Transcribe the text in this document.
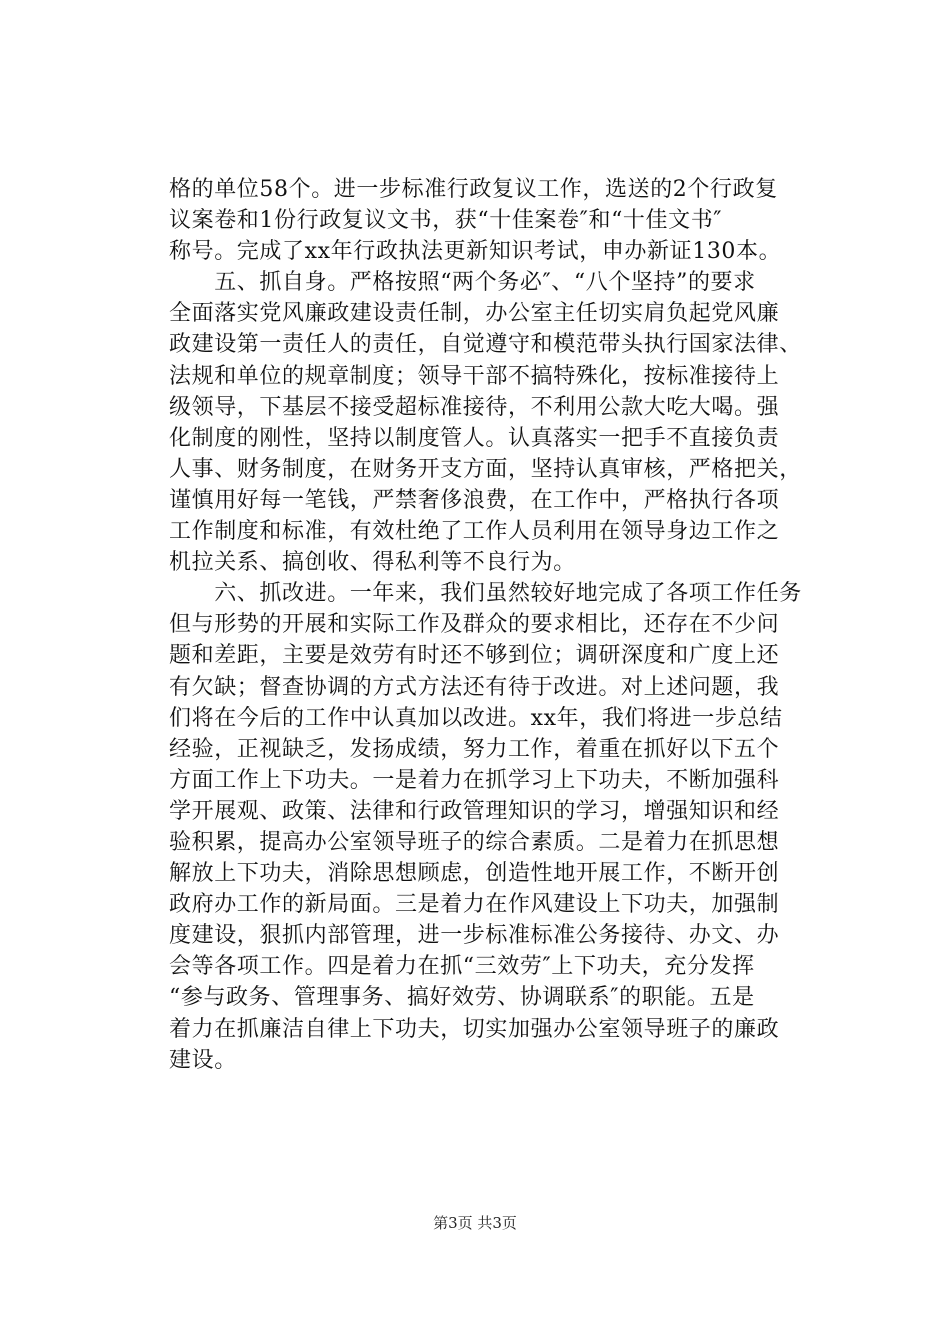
格的单位58个。进一步标准行政复议工作，选送的2个行政复
议案卷和1份行政复议文书，获“十佳案卷″和“十佳文书″
称号。完成了xx年行政执法更新知识考试，申办新证130本。
　　五、抓自身。严格按照“两个务必″、“八个坚持”的要求
全面落实党风廉政建设责任制，办公室主任切实肩负起党风廉
政建设第一责任人的责任，自觉遵守和模范带头执行国家法律、
法规和单位的规章制度；领导干部不搞特殊化，按标准接待上
级领导，下基层不接受超标准接待，不利用公款大吃大喝。强
化制度的刚性，坚持以制度管人。认真落实一把手不直接负责
人事、财务制度，在财务开支方面，坚持认真审核，严格把关，
谨慎用好每一笔钱，严禁奢侈浪费，在工作中，严格执行各项
工作制度和标准，有效杜绝了工作人员利用在领导身边工作之
机拉关系、搞创收、得私利等不良行为。
　　六、抓改进。一年来，我们虽然较好地完成了各项工作任务
但与形势的开展和实际工作及群众的要求相比，还存在不少问
题和差距，主要是效劳有时还不够到位；调研深度和广度上还
有欠缺；督查协调的方式方法还有待于改进。对上述问题，我
们将在今后的工作中认真加以改进。xx年，我们将进一步总结
经验，正视缺乏，发扬成绩，努力工作，着重在抓好以下五个
方面工作上下功夫。一是着力在抓学习上下功夫，不断加强科
学开展观、政策、法律和行政管理知识的学习，增强知识和经
验积累，提高办公室领导班子的综合素质。二是着力在抓思想
解放上下功夫，消除思想顾虑，创造性地开展工作，不断开创
政府办工作的新局面。三是着力在作风建设上下功夫，加强制
度建设，狠抓内部管理，进一步标准标准公务接待、办文、办
会等各项工作。四是着力在抓“三效劳″上下功夫，充分发挥
“参与政务、管理事务、搞好效劳、协调联系″的职能。五是
着力在抓廉洁自律上下功夫，切实加强办公室领导班子的廉政
建设。
第3页 共3页
